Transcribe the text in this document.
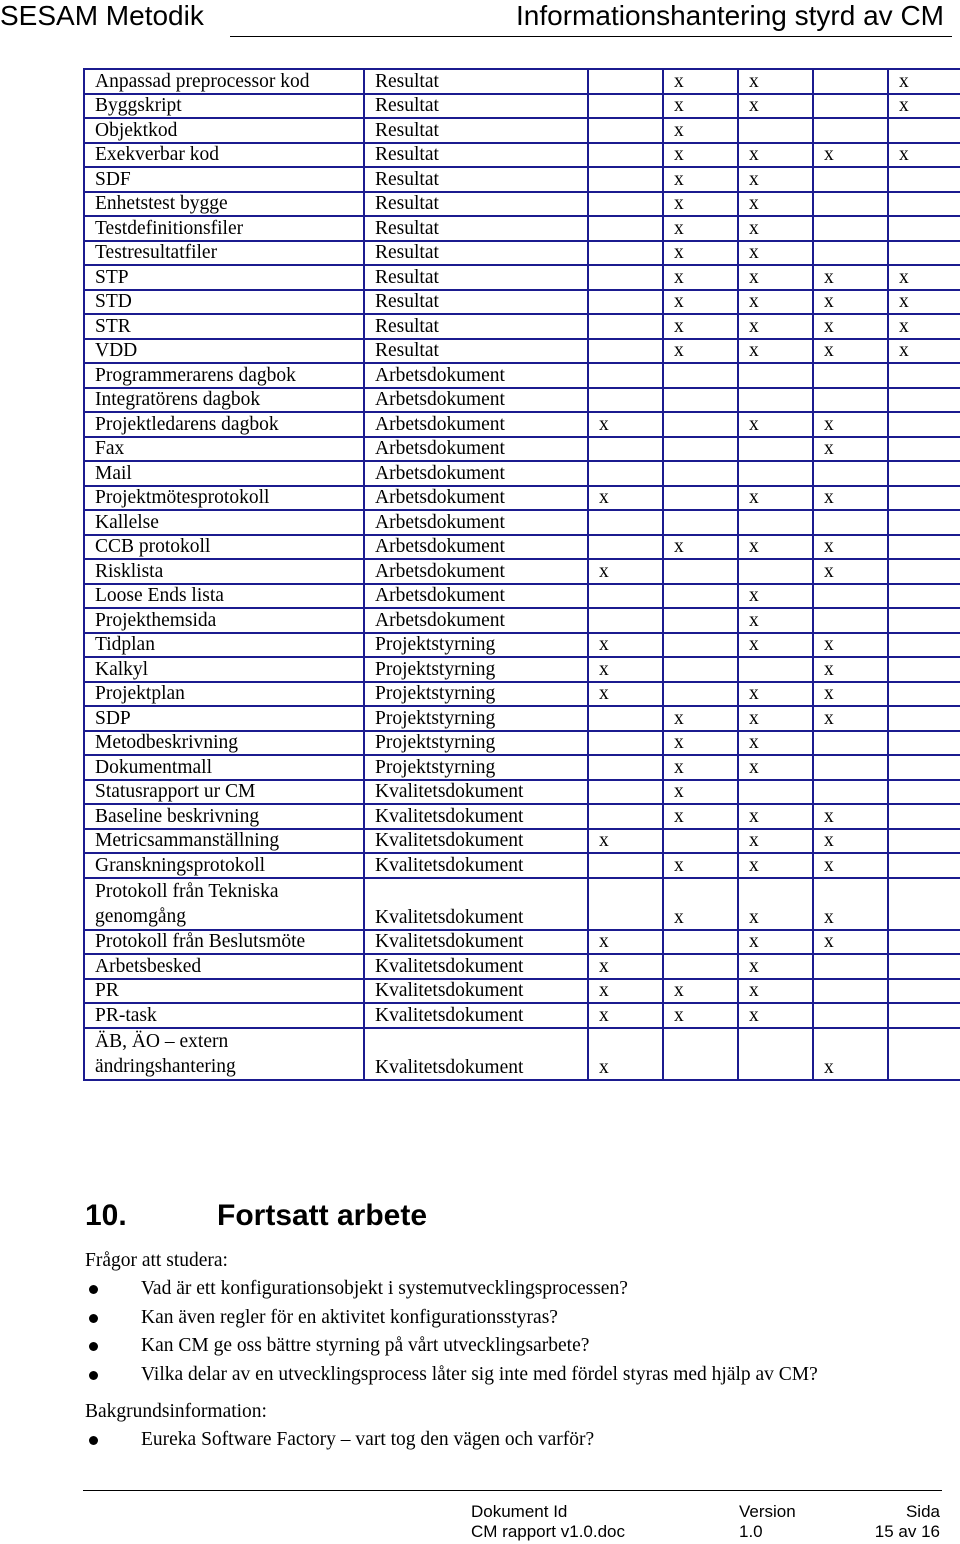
SESAM Metodik	Informationshantering styrd av CM
Anpassad preprocessor kod	Resultat		x	x		x
Byggskript	Resultat		x	x		x
Objektkod	Resultat		x			
Exekverbar kod	Resultat		x	x	x	x
SDF	Resultat		x	x		
Enhetstest bygge	Resultat		x	x		
Testdefinitionsfiler	Resultat		x	x		
Testresultatfiler	Resultat		x	x		
STP	Resultat		x	x	x	x
STD	Resultat		x	x	x	x
STR	Resultat		x	x	x	x
VDD	Resultat		x	x	x	x
Programmerarens dagbok	Arbetsdokument					
Integratörens dagbok	Arbetsdokument					
Projektledarens dagbok	Arbetsdokument	x		x	x	
Fax	Arbetsdokument				x	
Mail	Arbetsdokument					
Projektmötesprotokoll	Arbetsdokument	x		x	x	
Kallelse	Arbetsdokument					
CCB protokoll	Arbetsdokument		x	x	x	
Risklista	Arbetsdokument	x			x	
Loose Ends lista	Arbetsdokument			x		
Projekthemsida	Arbetsdokument			x		
Tidplan	Projektstyrning	x		x	x	
Kalkyl	Projektstyrning	x			x	
Projektplan	Projektstyrning	x		x	x	
SDP	Projektstyrning		x	x	x	
Metodbeskrivning	Projektstyrning		x	x		
Dokumentmall	Projektstyrning		x	x		
Statusrapport ur CM	Kvalitetsdokument		x			
Baseline beskrivning	Kvalitetsdokument		x	x	x	
Metricsammanställning	Kvalitetsdokument	x		x	x	
Granskningsprotokoll	Kvalitetsdokument		x	x	x	
Protokoll från Tekniska genomgång	Kvalitetsdokument		x	x	x	
Protokoll från Beslutsmöte	Kvalitetsdokument	x		x	x	
Arbetsbesked	Kvalitetsdokument	x		x		
PR	Kvalitetsdokument	x	x	x		
PR-task	Kvalitetsdokument	x	x	x		
ÄB, ÄO – extern ändringshantering	Kvalitetsdokument	x			x	
10.	Fortsatt arbete
Frågor att studera:
Vad är ett konfigurationsobjekt i systemutvecklingsprocessen?
Kan även regler för en aktivitet konfigurationsstyras?
Kan CM ge oss bättre styrning på vårt utvecklingsarbete?
Vilka delar av en utvecklingsprocess låter sig inte med fördel styras med hjälp av CM?
Bakgrundsinformation:
Eureka Software Factory – vart tog den vägen och varför?
Dokument Id
CM rapport v1.0.doc
Version
1.0
Sida
15 av 16
